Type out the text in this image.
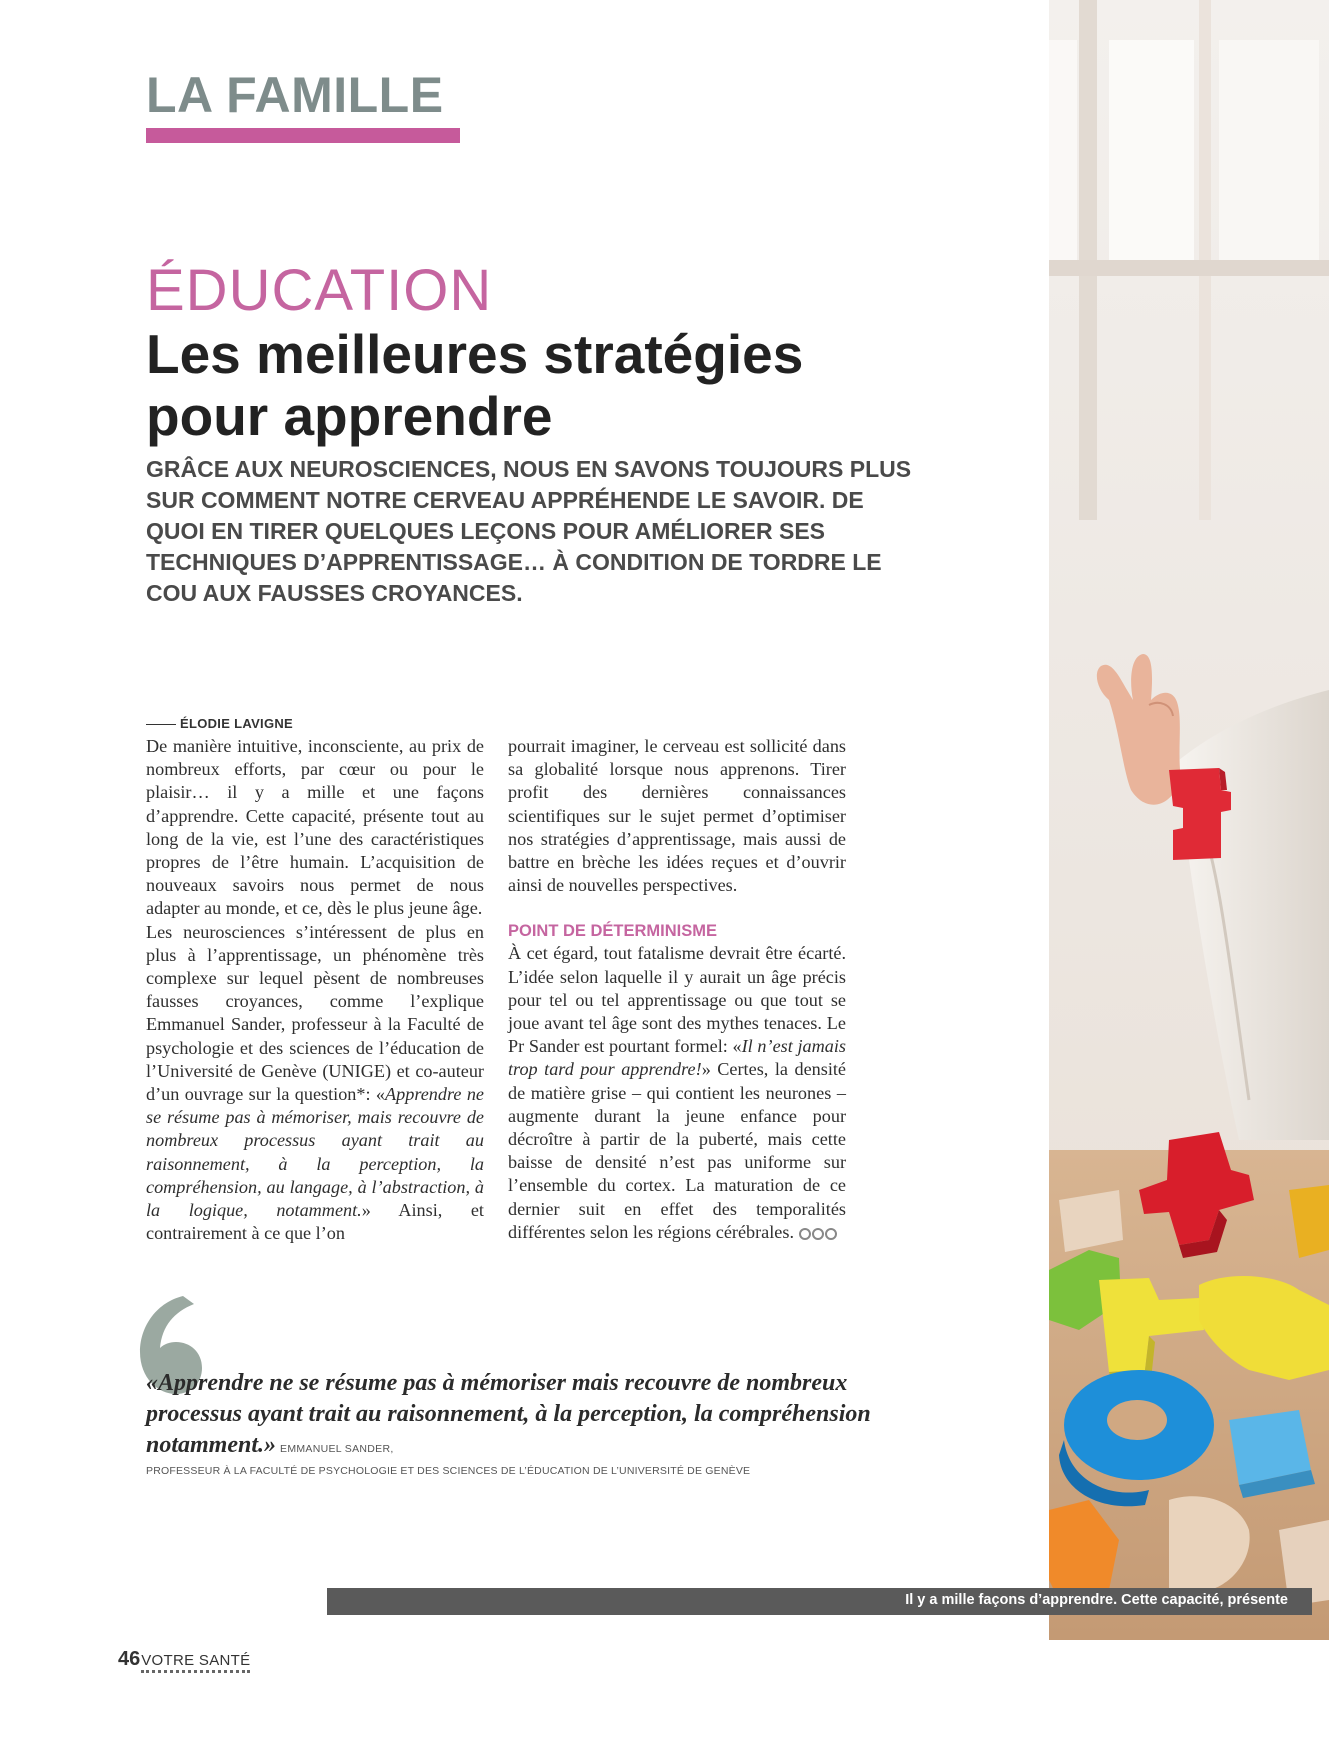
LA FAMILLE
ÉDUCATION
Les meilleures stratégies
pour apprendre
GRÂCE AUX NEUROSCIENCES, NOUS EN SAVONS TOUJOURS PLUS SUR COMMENT NOTRE CERVEAU APPRÉHENDE LE SAVOIR. DE QUOI EN TIRER QUELQUES LEÇONS POUR AMÉLIORER SES TECHNIQUES D’APPRENTISSAGE… À CONDITION DE TORDRE LE COU AUX FAUSSES CROYANCES.
ÉLODIE LAVIGNE

De manière intuitive, inconsciente, au prix de nombreux efforts, par cœur ou pour le plaisir… il y a mille et une façons d’apprendre. Cette capacité, présente tout au long de la vie, est l’une des caractéristiques propres de l’être humain. L’acquisition de nouveaux savoirs nous permet de nous adapter au monde, et ce, dès le plus jeune âge.

Les neurosciences s’intéressent de plus en plus à l’apprentissage, un phénomène très complexe sur lequel pèsent de nombreuses fausses croyances, comme l’explique Emmanuel Sander, professeur à la Faculté de psychologie et des sciences de l’éducation de l’Université de Genève (UNIGE) et co-auteur d’un ouvrage sur la question*: «Apprendre ne se résume pas à mémoriser, mais recouvre de nombreux processus ayant trait au raisonnement, à la perception, la compréhension, au langage, à l’abstraction, à la logique, notamment.» Ainsi, et contrairement à ce que l’on

pourrait imaginer, le cerveau est sollicité dans sa globalité lorsque nous apprenons. Tirer profit des dernières connaissances scientifiques sur le sujet permet d’optimiser nos stratégies d’apprentissage, mais aussi de battre en brèche les idées reçues et d’ouvrir ainsi de nouvelles perspectives.

POINT DE DÉTERMINISME

À cet égard, tout fatalisme devrait être écarté. L’idée selon laquelle il y aurait un âge précis pour tel ou tel apprentissage ou que tout se joue avant tel âge sont des mythes tenaces. Le Pr Sander est pourtant formel: «Il n’est jamais trop tard pour apprendre!» Certes, la densité de matière grise – qui contient les neurones – augmente durant la jeune enfance pour décroître à partir de la puberté, mais cette baisse de densité n’est pas uniforme sur l’ensemble du cortex. La maturation de ce dernier suit en effet des temporalités différentes selon les régions cérébrales.

«Apprendre ne se résume pas à mémoriser mais recouvre de nombreux processus ayant trait au raisonnement, à la perception, la compréhension notamment.» EMMANUEL SANDER,
PROFESSEUR À LA FACULTÉ DE PSYCHOLOGIE ET DES SCIENCES DE L’ÉDUCATION DE L’UNIVERSITÉ DE GENÈVE
Il y a mille façons d’apprendre. Cette capacité, présente
46VOTRE SANTÉ
